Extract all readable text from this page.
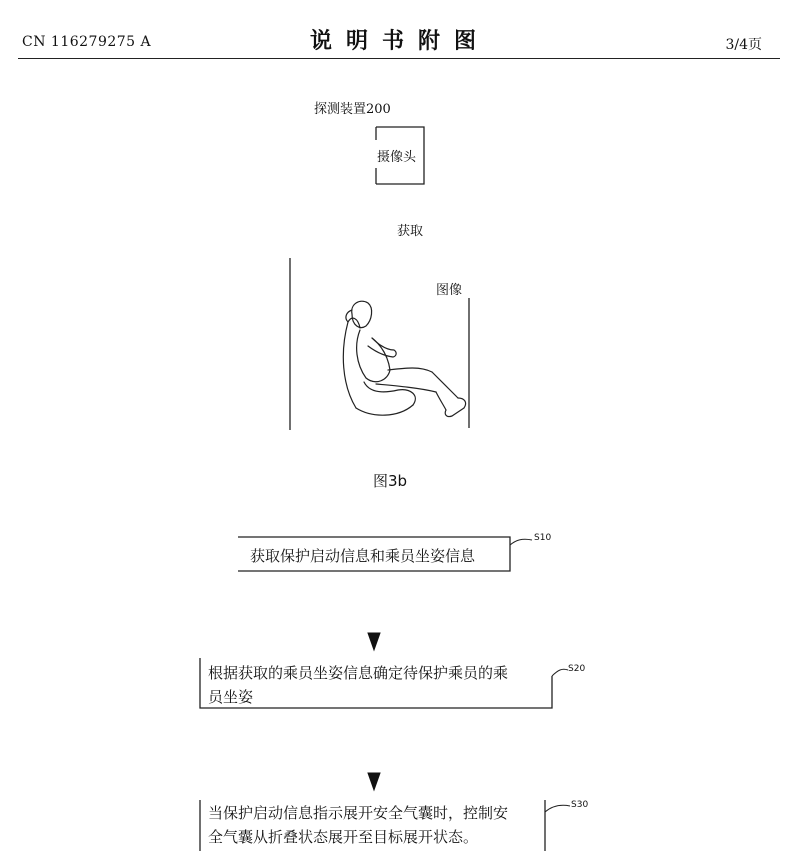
CN 116279275 A	说明书附图	3/4页
探测装置200
摄像头
获取
图像
图3b
获取保护启动信息和乘员坐姿信息
S10
根据获取的乘员坐姿信息确定待保护乘员的乘
员坐姿
S20
当保护启动信息指示展开安全气囊时，控制安
全气囊从折叠状态展开至目标展开状态。
S30
